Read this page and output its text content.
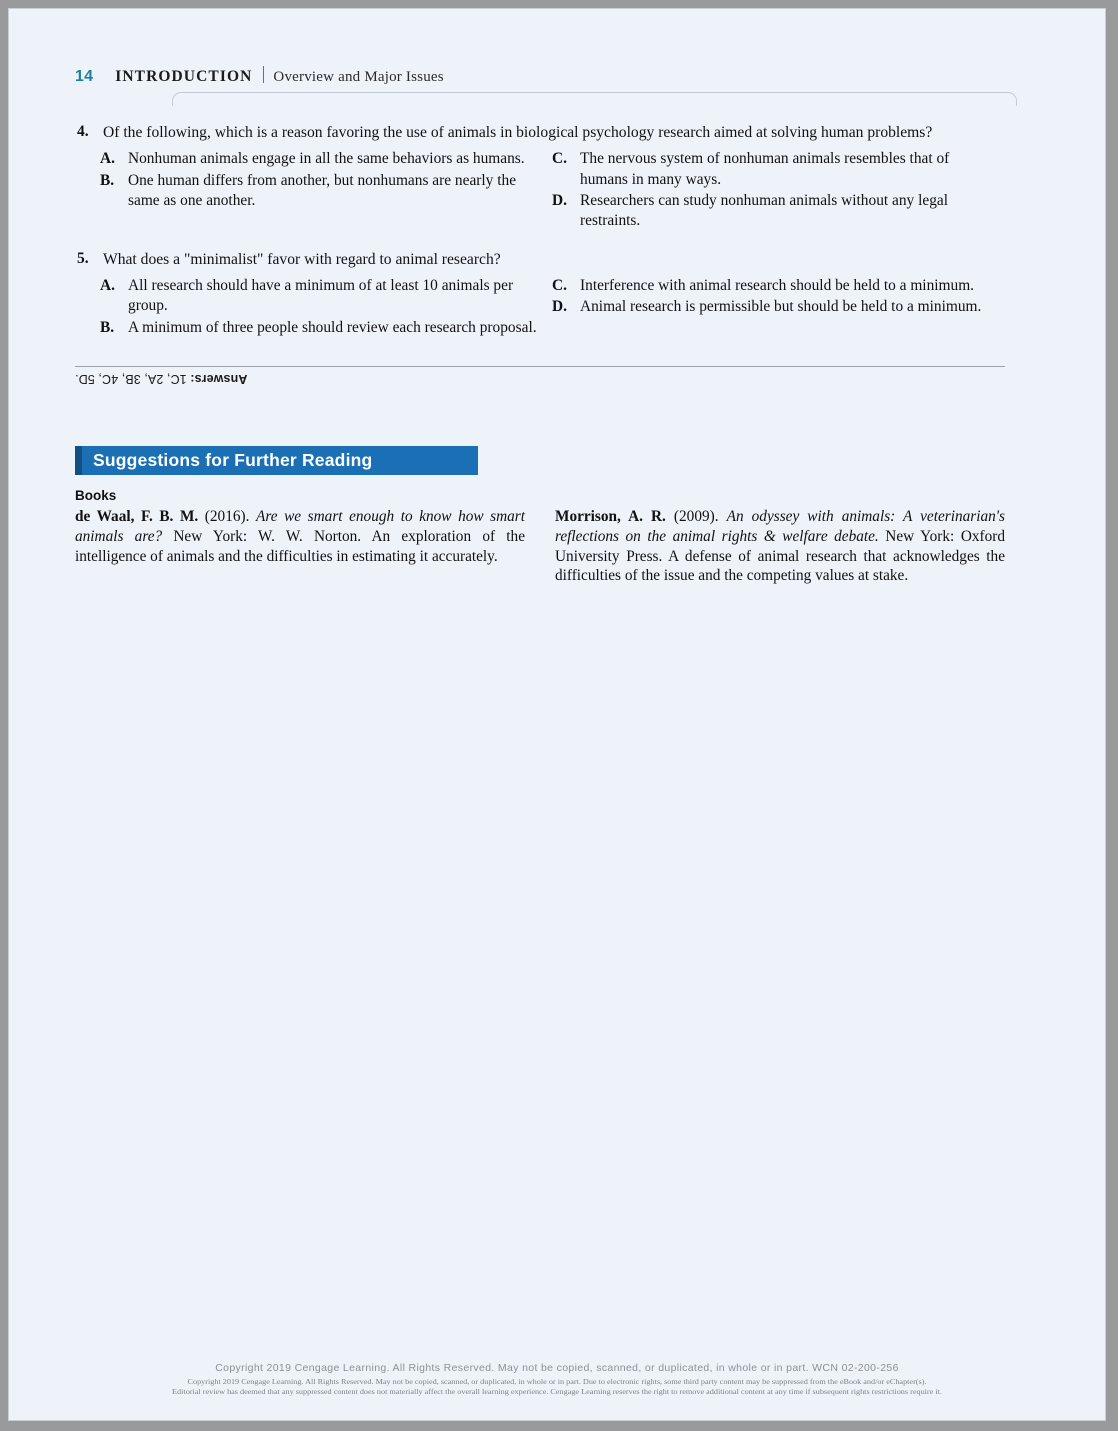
14 INTRODUCTION Overview and Major Issues
4. Of the following, which is a reason favoring the use of animals in biological psychology research aimed at solving human problems?
A. Nonhuman animals engage in all the same behaviors as humans.
B. One human differs from another, but nonhumans are nearly the same as one another.
C. The nervous system of nonhuman animals resembles that of humans in many ways.
D. Researchers can study nonhuman animals without any legal restraints.
5. What does a "minimalist" favor with regard to animal research?
A. All research should have a minimum of at least 10 animals per group.
B. A minimum of three people should review each research proposal.
C. Interference with animal research should be held to a minimum.
D. Animal research is permissible but should be held to a minimum.
Answers: 1C, 2A, 3B, 4C, 5D.
Suggestions for Further Reading
Books
de Waal, F. B. M. (2016). Are we smart enough to know how smart animals are? New York: W. W. Norton. An exploration of the intelligence of animals and the difficulties in estimating it accurately.
Morrison, A. R. (2009). An odyssey with animals: A veterinarian's reflections on the animal rights & welfare debate. New York: Oxford University Press. A defense of animal research that acknowledges the difficulties of the issue and the competing values at stake.
Copyright 2019 Cengage Learning. All Rights Reserved. May not be copied, scanned, or duplicated, in whole or in part. WCN 02-200-256
Copyright 2019 Cengage Learning. All Rights Reserved. May not be copied, scanned, or duplicated, in whole or in part. Due to electronic rights, some third party content may be suppressed from the eBook and/or eChapter(s).
Editorial review has deemed that any suppressed content does not materially affect the overall learning experience. Cengage Learning reserves the right to remove additional content at any time if subsequent rights restrictions require it.
